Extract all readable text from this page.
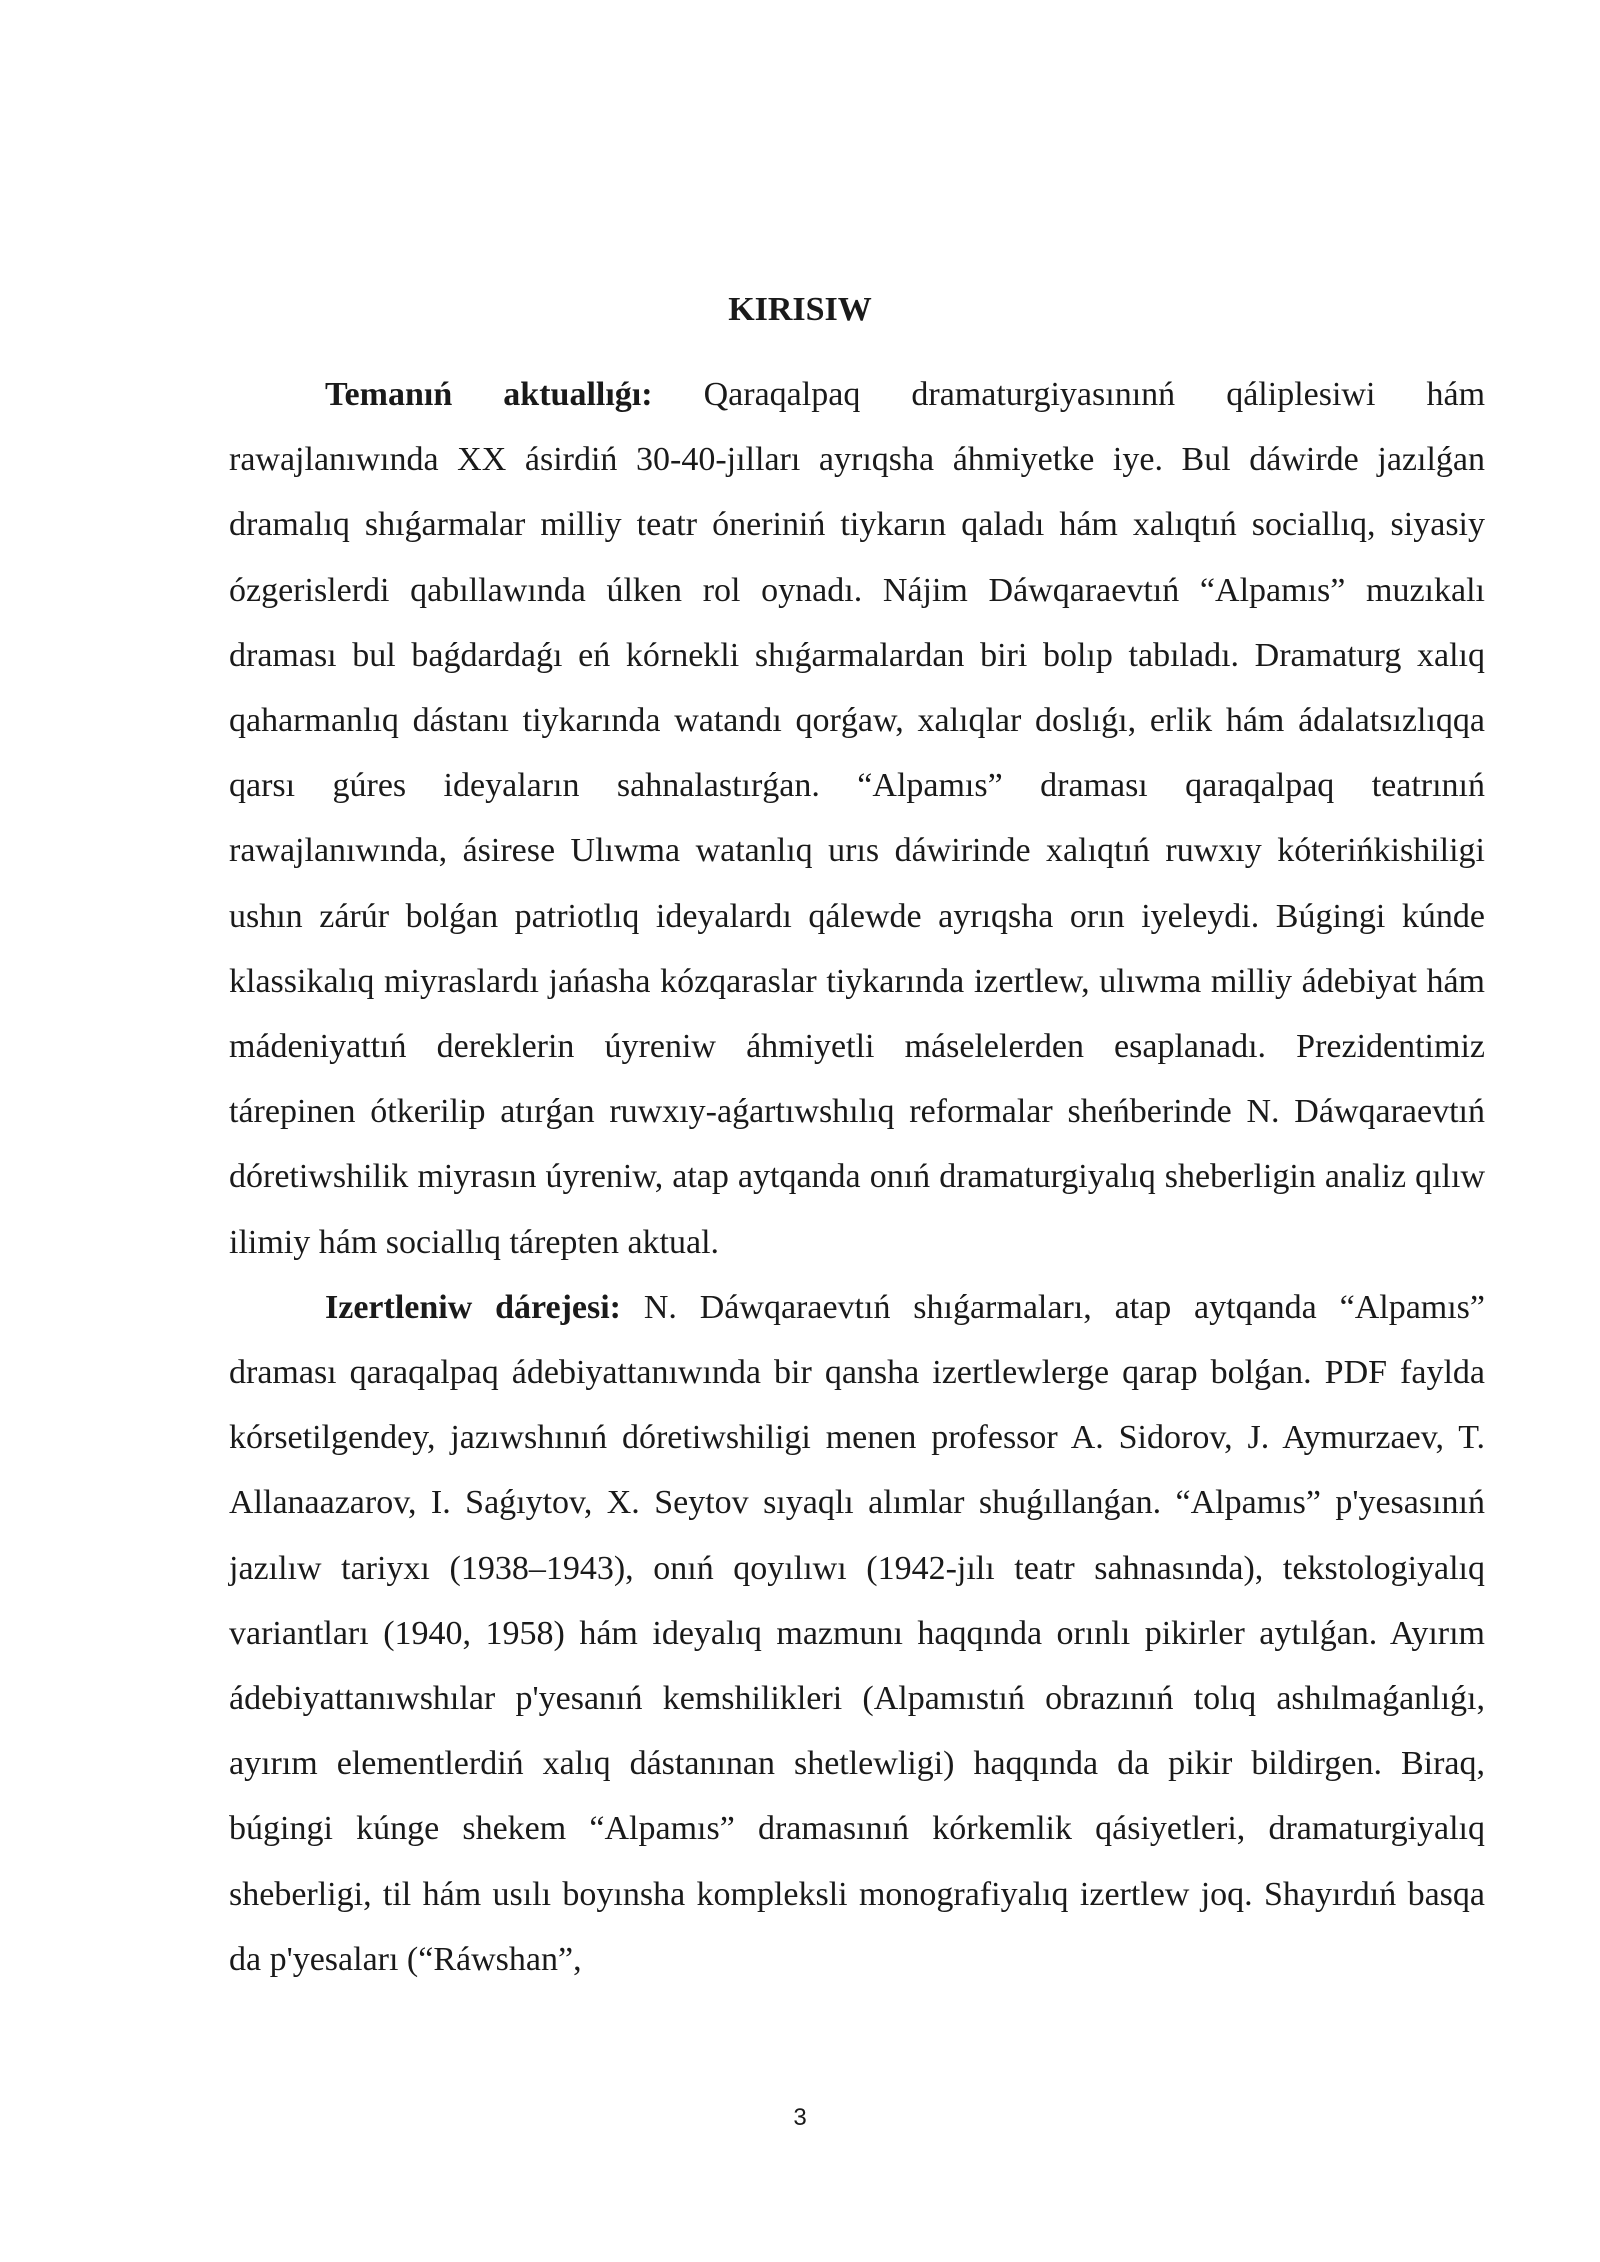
KIRISIW

Temanıń aktuallıǵı: Qaraqalpaq dramaturgiyasınınń qáliplesiwi hám rawajlanıwında XX ásirdiń 30-40-jılları ayrıqsha áhmiyetke iye. Bul dáwirde jazılǵan dramalıq shıǵarmalar milliy teatr óneriniń tiykarın qaladı hám xalıqtıń sociallıq, siyasiy ózgerislerdi qabıllawında úlken rol oynadı. Nájim Dáwqaraevtıń “Alpamıs” muzıkalı draması bul baǵdardaǵı eń kórnekli shıǵarmalardan biri bolıp tabıladı. Dramaturg xalıq qaharmanlıq dástanı tiykarında watandı qorǵaw, xalıqlar doslıǵı, erlik hám ádalatsızlıqqa qarsı gúres ideyaların sahnalastırǵan. “Alpamıs” draması qaraqalpaq teatrınıń rawajlanıwında, ásirese Ulıwma watanlıq urıs dáwirinde xalıqtıń ruwxıy kóterińkishiligi ushın zárúr bolǵan patriotlıq ideyalardı qálewde ayrıqsha orın iyeleydi. Búgingi kúnde klassikalıq miyraslardı jańasha kózqaraslar tiykarında izertlew, ulıwma milliy ádebiyat hám mádeniyattıń dereklerin úyreniw áhmiyetli máselelerden esaplanadı. Prezidentimiz tárepinen ótkerilip atırǵan ruwxıy-aǵartıwshılıq reformalar sheńberinde N. Dáwqaraevtıń dóretiwshilik miyrasın úyreniw, atap aytqanda onıń dramaturgiyalıq sheberligin analiz qılıw ilimiy hám sociallıq tárepten aktual.

Izertleniw dárejesi: N. Dáwqaraevtıń shıǵarmaları, atap aytqanda “Alpamıs” draması qaraqalpaq ádebiyattanıwında bir qansha izertlewlerge qarap bolǵan. PDF faylda kórsetilgendey, jazıwshınıń dóretiwshiligi menen professor A. Sidorov, J. Aymurzaev, T. Allanaazarov, I. Saǵıytov, X. Seytov sıyaqlı alımlar shuǵıllanǵan. “Alpamıs” p'yesasınıń jazılıw tariyxı (1938–1943), onıń qoyılıwı (1942-jılı teatr sahnasında), tekstologiyalıq variantları (1940, 1958) hám ideyalıq mazmunı haqqında orınlı pikirler aytılǵan. Ayırım ádebiyattanıwshılar p'yesanıń kemshilikleri (Alpamıstıń obrazınıń tolıq ashılmaǵanlıǵı, ayırım elementlerdiń xalıq dástanınan shetlewligi) haqqında da pikir bildirgen. Biraq, búgingi kúnge shekem “Alpamıs” dramasınıń kórkemlik qásiyetleri, dramaturgiyalıq sheberligi, til hám usılı boyınsha kompleksli monografiyalıq izertlew joq. Shayırdıń basqa da p'yesaları (“Ráwshan”,

3
